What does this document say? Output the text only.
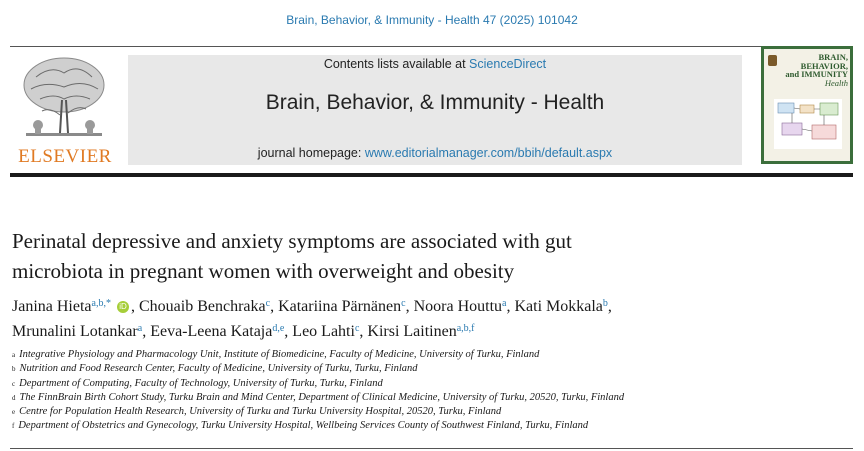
Brain, Behavior, & Immunity - Health 47 (2025) 101042
ELSEVIER
Contents lists available at ScienceDirect
Brain, Behavior, & Immunity - Health
journal homepage: www.editorialmanager.com/bbih/default.aspx
BRAIN,
BEHAVIOR,
and IMMUNITY
Health
Perinatal depressive and anxiety symptoms are associated with gut
microbiota in pregnant women with overweight and obesity
Janina Hieta$^{a,b,*}$ iD , Chouaib Benchraka$^c$, Katariina Pärnänen$^c$, Noora Houttu$^a$, Kati Mokkala$^b$,
Mrunalini Lotankar$^a$, Eeva-Leena Kataja$^{d,e}$, Leo Lahti$^c$, Kirsi Laitinen$^{a,b,f}$
$^a$ Integrative Physiology and Pharmacology Unit, Institute of Biomedicine, Faculty of Medicine, University of Turku, Finland
$^b$ Nutrition and Food Research Center, Faculty of Medicine, University of Turku, Turku, Finland
$^c$ Department of Computing, Faculty of Technology, University of Turku, Turku, Finland
$^d$ The FinnBrain Birth Cohort Study, Turku Brain and Mind Center, Department of Clinical Medicine, University of Turku, 20520, Turku, Finland
$^e$ Centre for Population Health Research, University of Turku and Turku University Hospital, 20520, Turku, Finland
$^f$ Department of Obstetrics and Gynecology, Turku University Hospital, Wellbeing Services County of Southwest Finland, Turku, Finland
